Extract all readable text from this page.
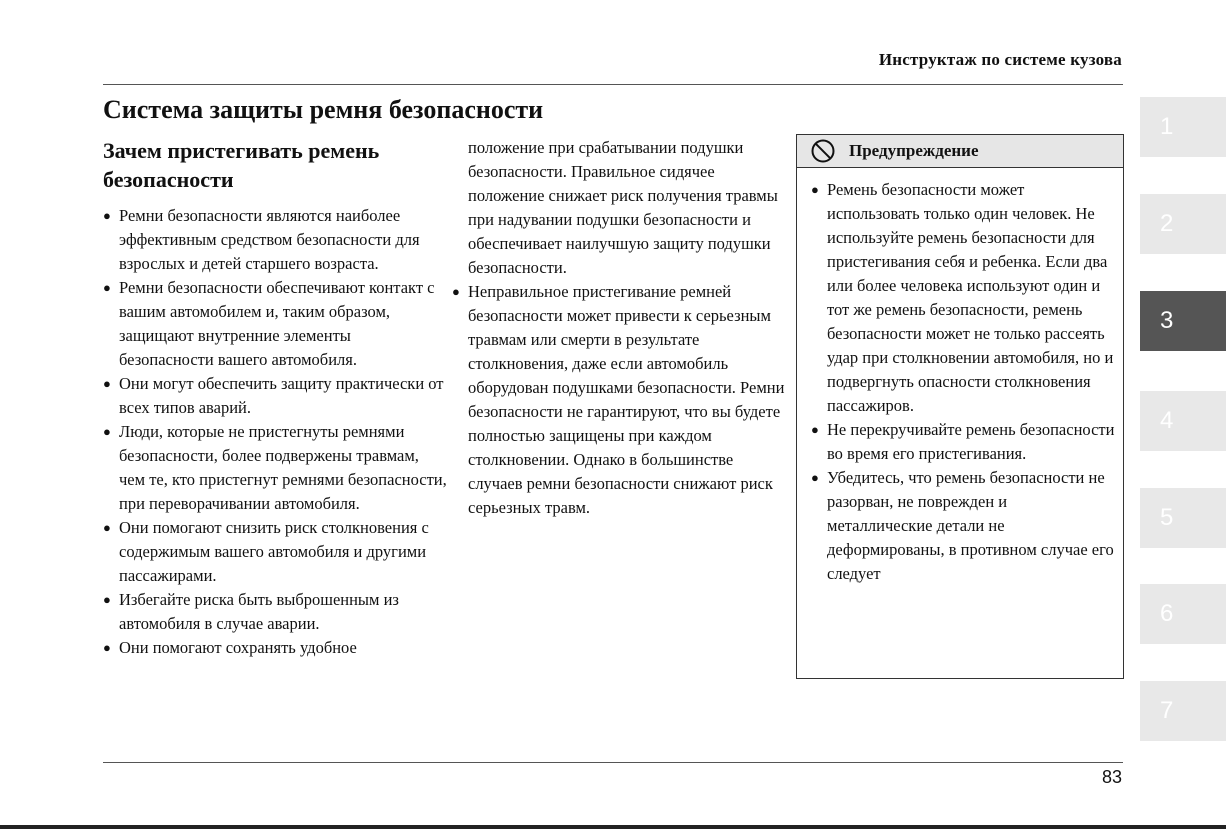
Инструктаж по системе кузова
Система защиты ремня безопасности
Зачем пристегивать ремень безопасности
● Ремни безопасности являются наиболее эффективным средством безопасности для взрослых и детей старшего возраста.
● Ремни безопасности обеспечивают контакт с вашим автомобилем и, таким образом, защищают внутренние элементы безопасности вашего автомобиля.
● Они могут обеспечить защиту практически от всех типов аварий.
● Люди, которые не пристегнуты ремнями безопасности, более подвержены травмам, чем те, кто пристегнут ремнями безопасности, при переворачивании автомобиля.
● Они помогают снизить риск столкновения с содержимым вашего автомобиля и другими пассажирами.
● Избегайте риска быть выброшенным из автомобиля в случае аварии.
● Они помогают сохранять удобное

положение при срабатывании подушки безопасности. Правильное сидячее положение снижает риск получения травмы при надувании подушки безопасности и обеспечивает наилучшую защиту подушки безопасности.

● Неправильное пристегивание ремней безопасности может привести к серьезным травмам или смерти в результате столкновения, даже если автомобиль оборудован подушками безопасности. Ремни безопасности не гарантируют, что вы будете полностью защищены при каждом столкновении. Однако в большинстве случаев ремни безопасности снижают риск серьезных травм.
Предупреждение
● Ремень безопасности может использовать только один человек. Не используйте ремень безопасности для пристегивания себя и ребенка. Если два или более человека используют один и тот же ремень безопасности, ремень безопасности может не только рассеять удар при столкновении автомобиля, но и подвергнуть опасности столкновения пассажиров.
● Не перекручивайте ремень безопасности во время его пристегивания.
● Убедитесь, что ремень безопасности не разорван, не поврежден и металлические детали не деформированы, в противном случае его следует
1
2
3
4
5
6
7
83
